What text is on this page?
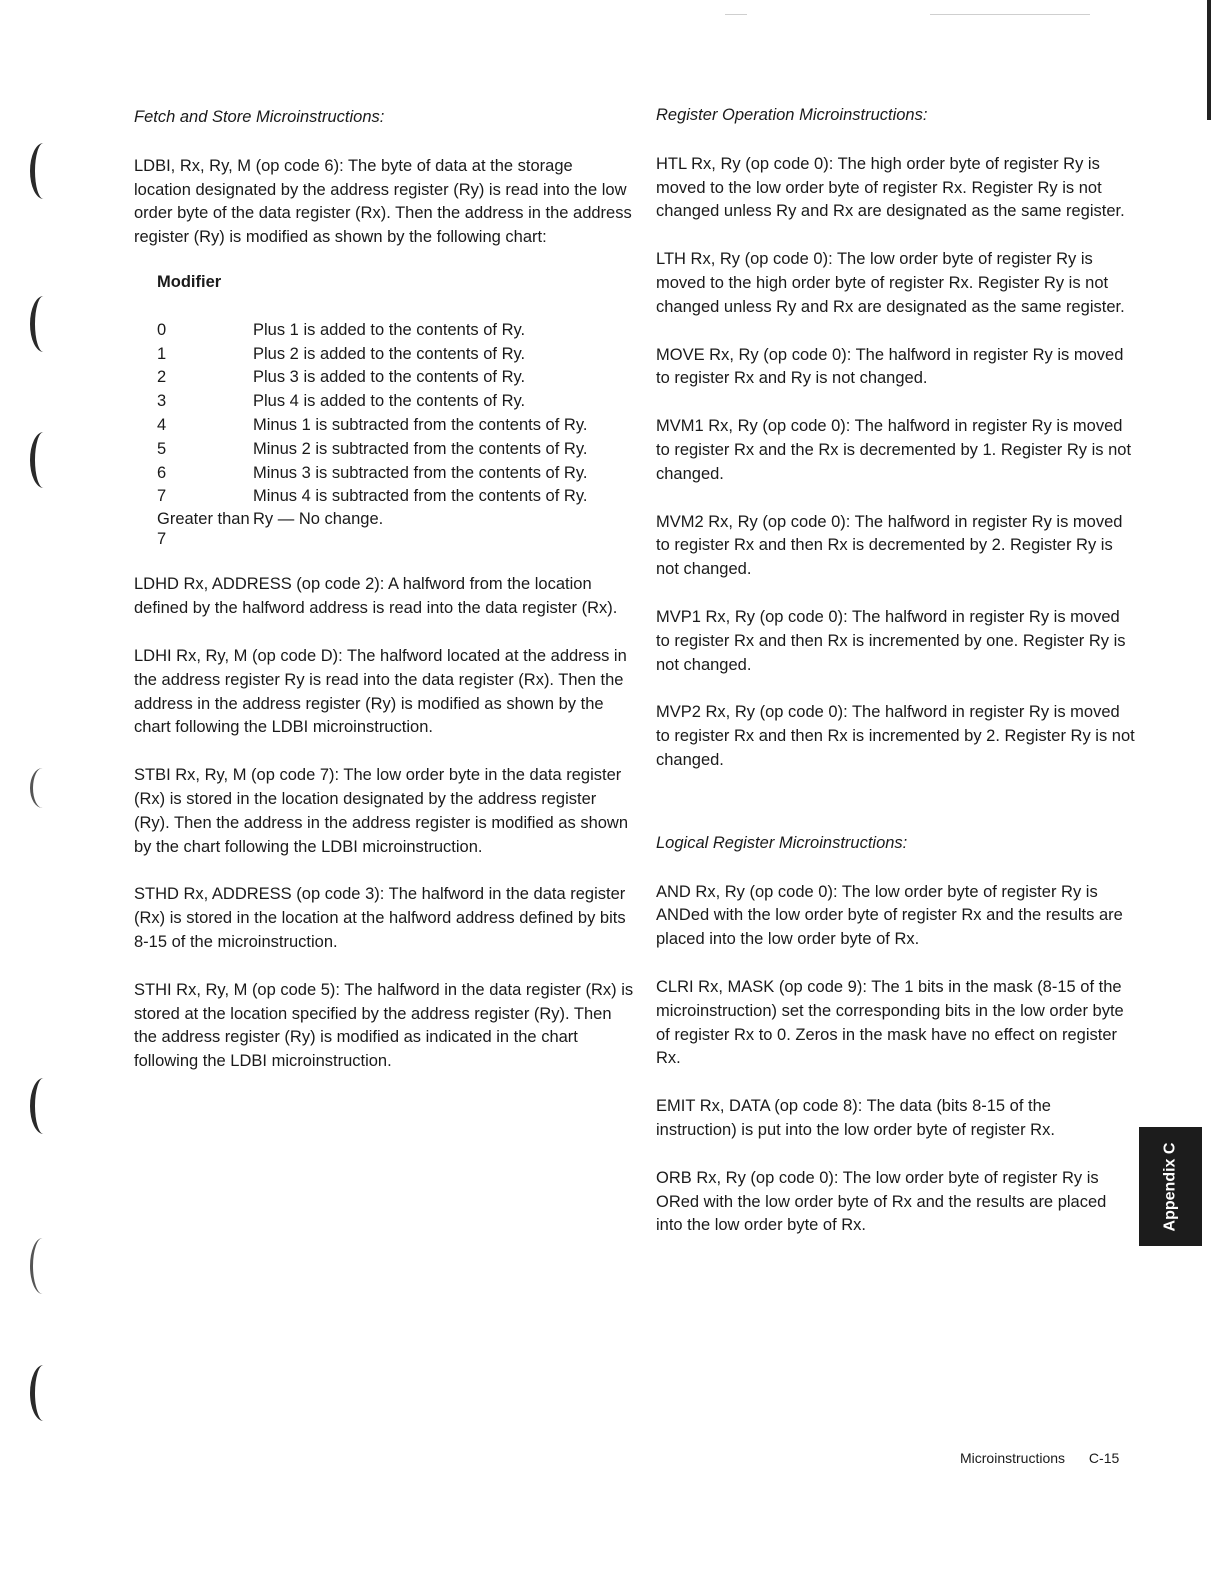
Fetch and Store Microinstructions:

LDBI, Rx, Ry, M (op code 6): The byte of data at the storage location designated by the address register (Ry) is read into the low order byte of the data register (Rx). Then the address in the address register (Ry) is modified as shown by the following chart:

Modifier

0	Plus 1 is added to the contents of Ry.
1	Plus 2 is added to the contents of Ry.
2	Plus 3 is added to the contents of Ry.
3	Plus 4 is added to the contents of Ry.
4	Minus 1 is subtracted from the contents of Ry.
5	Minus 2 is subtracted from the contents of Ry.
6	Minus 3 is subtracted from the contents of Ry.
7	Minus 4 is subtracted from the contents of Ry.
Greater than 7	Ry — No change.

LDHD Rx, ADDRESS (op code 2): A halfword from the location defined by the halfword address is read into the data register (Rx).

LDHI Rx, Ry, M (op code D): The halfword located at the address in the address register Ry is read into the data register (Rx). Then the address in the address register (Ry) is modified as shown by the chart following the LDBI microinstruction.

STBI Rx, Ry, M (op code 7): The low order byte in the data register (Rx) is stored in the location designated by the address register (Ry). Then the address in the address register is modified as shown by the chart following the LDBI microinstruction.

STHD Rx, ADDRESS (op code 3): The halfword in the data register (Rx) is stored in the location at the halfword address defined by bits 8-15 of the microinstruction.

STHI Rx, Ry, M (op code 5): The halfword in the data register (Rx) is stored at the location specified by the address register (Ry). Then the address register (Ry) is modified as indicated in the chart following the LDBI microinstruction.

Register Operation Microinstructions:

HTL Rx, Ry (op code 0): The high order byte of register Ry is moved to the low order byte of register Rx. Register Ry is not changed unless Ry and Rx are designated as the same register.

LTH Rx, Ry (op code 0): The low order byte of register Ry is moved to the high order byte of register Rx. Register Ry is not changed unless Ry and Rx are designated as the same register.

MOVE Rx, Ry (op code 0): The halfword in register Ry is moved to register Rx and Ry is not changed.

MVM1 Rx, Ry (op code 0): The halfword in register Ry is moved to register Rx and the Rx is decremented by 1. Register Ry is not changed.

MVM2 Rx, Ry (op code 0): The halfword in register Ry is moved to register Rx and then Rx is decremented by 2. Register Ry is not changed.

MVP1 Rx, Ry (op code 0): The halfword in register Ry is moved to register Rx and then Rx is incremented by one. Register Ry is not changed.

MVP2 Rx, Ry (op code 0): The halfword in register Ry is moved to register Rx and then Rx is incremented by 2. Register Ry is not changed.

Logical Register Microinstructions:

AND Rx, Ry (op code 0): The low order byte of register Ry is ANDed with the low order byte of register Rx and the results are placed into the low order byte of Rx.

CLRI Rx, MASK (op code 9): The 1 bits in the mask (8-15 of the microinstruction) set the corresponding bits in the low order byte of register Rx to 0. Zeros in the mask have no effect on register Rx.

EMIT Rx, DATA (op code 8): The data (bits 8-15 of the instruction) is put into the low order byte of register Rx.

ORB Rx, Ry (op code 0): The low order byte of register Ry is ORed with the low order byte of Rx and the results are placed into the low order byte of Rx.	Appendix C
Microinstructions C-15
